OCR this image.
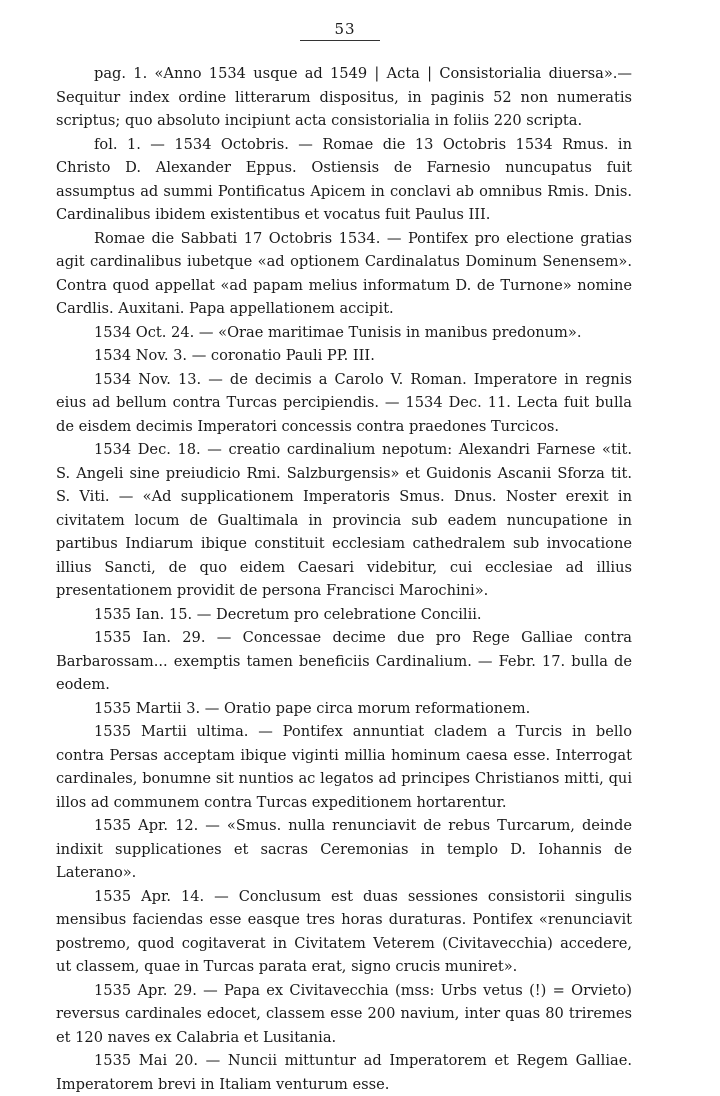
53

pag. 1. «Anno 1534 usque ad 1549 | Acta | Consistorialia diuersa».— Sequitur index ordine litterarum dispositus, in paginis 52 non numeratis scriptus; quo absoluto incipiunt acta consistorialia in foliis 220 scripta.

fol. 1. — 1534 Octobris. — Romae die 13 Octobris 1534 Rmus. in Christo D. Alexander Eppus. Ostiensis de Farnesio nuncupatus fuit assumptus ad summi Pontificatus Apicem in conclavi ab omnibus Rmis. Dnis. Cardinalibus ibidem existentibus et vocatus fuit Paulus III.

Romae die Sabbati 17 Octobris 1534. — Pontifex pro electione gratias agit cardinalibus iubetque «ad optionem Cardinalatus Dominum Senensem». Contra quod appellat «ad papam melius informatum D. de Turnone» nomine Cardlis. Auxitani. Papa appellationem accipit.

1534 Oct. 24. — «Orae maritimae Tunisis in manibus predonum».

1534 Nov. 3. — coronatio Pauli PP. III.

1534 Nov. 13. — de decimis a Carolo V. Roman. Imperatore in regnis eius ad bellum contra Turcas percipiendis. — 1534 Dec. 11. Lecta fuit bulla de eisdem decimis Imperatori concessis contra praedones Turcicos.

1534 Dec. 18. — creatio cardinalium nepotum: Alexandri Farnese «tit. S. Angeli sine preiudicio Rmi. Salzburgensis» et Guidonis Ascanii Sforza tit. S. Viti. — «Ad supplicationem Imperatoris Smus. Dnus. Noster erexit in civitatem locum de Gualtimala in provincia sub eadem nuncupatione in partibus Indiarum ibique constituit ecclesiam cathedralem sub invocatione illius Sancti, de quo eidem Caesari videbitur, cui ecclesiae ad illius presentationem providit de persona Francisci Marochini».

1535 Ian. 15. — Decretum pro celebratione Concilii.

1535 Ian. 29. — Concessae decime due pro Rege Galliae contra Barbarossam... exemptis tamen beneficiis Cardinalium. — Febr. 17. bulla de eodem.

1535 Martii 3. — Oratio pape circa morum reformationem.

1535 Martii ultima. — Pontifex annuntiat cladem a Turcis in bello contra Persas acceptam ibique viginti millia hominum caesa esse. Interrogat cardinales, bonumne sit nuntios ac legatos ad principes Christianos mitti, qui illos ad communem contra Turcas expeditionem hortarentur.

1535 Apr. 12. — «Smus. nulla renunciavit de rebus Turcarum, deinde indixit supplicationes et sacras Ceremonias in templo D. Iohannis de Laterano».

1535 Apr. 14. — Conclusum est duas sessiones consistorii singulis mensibus faciendas esse easque tres horas duraturas. Pontifex «renunciavit postremo, quod cogitaverat in Civitatem Veterem (Civitavecchia) accedere, ut classem, quae in Turcas parata erat, signo crucis muniret».

1535 Apr. 29. — Papa ex Civitavecchia (mss: Urbs vetus (!) = Orvieto) reversus cardinales edocet, classem esse 200 navium, inter quas 80 triremes et 120 naves ex Calabria et Lusitania.

1535 Mai 20. — Nuncii mittuntur ad Imperatorem et Regem Galliae. Imperatorem brevi in Italiam venturum esse.
